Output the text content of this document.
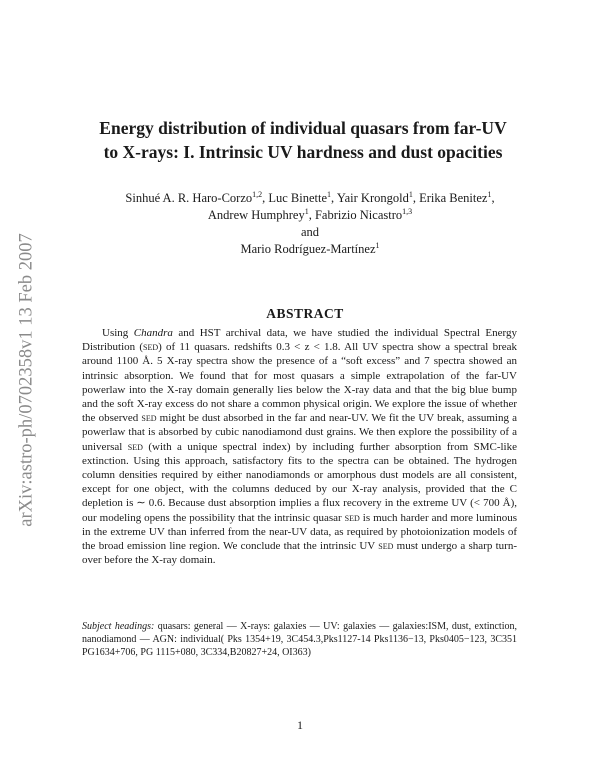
arXiv:astro-ph/0702358v1 13 Feb 2007
Energy distribution of individual quasars from far-UV
to X-rays: I. Intrinsic UV hardness and dust opacities
Sinhué A. R. Haro-Corzo$^{1,2}$, Luc Binette$^1$, Yair Krongold$^1$, Erika Benitez$^1$,
Andrew Humphrey$^1$, Fabrizio Nicastro$^{1,3}$
and
Mario Rodríguez-Martínez$^1$
ABSTRACT
Using Chandra and HST archival data, we have studied the individual Spectral Energy Distribution (sed) of 11 quasars. redshifts 0.3 < z < 1.8. All UV spectra show a spectral break around 1100 Å. 5 X-ray spectra show the presence of a “soft excess” and 7 spectra showed an intrinsic absorption. We found that for most quasars a simple extrapolation of the far-UV powerlaw into the X-ray domain generally lies below the X-ray data and that the big blue bump and the soft X-ray excess do not share a common physical origin. We explore the issue of whether the observed sed might be dust absorbed in the far and near-UV. We fit the UV break, assuming a powerlaw that is absorbed by cubic nanodiamond dust grains. We then explore the possibility of a universal sed (with a unique spectral index) by including further absorption from SMC-like extinction. Using this approach, satisfactory fits to the spectra can be obtained. The hydrogen column densities required by either nanodiamonds or amorphous dust models are all consistent, except for one object, with the columns deduced by our X-ray analysis, provided that the C depletion is ∼ 0.6. Because dust absorption implies a flux recovery in the extreme UV (< 700 Å), our modeling opens the possibility that the intrinsic quasar sed is much harder and more luminous in the extreme UV than inferred from the near-UV data, as required by photoionization models of the broad emission line region. We conclude that the intrinsic UV sed must undergo a sharp turn-over before the X-ray domain.
Subject headings: quasars: general — X-rays: galaxies — UV: galaxies — galaxies:ISM, dust, extinction, nanodiamond — AGN: individual( Pks 1354+19, 3C454.3,Pks1127-14 Pks1136−13, Pks0405−123, 3C351 PG1634+706, PG 1115+080, 3C334,B20827+24, OI363)
1
